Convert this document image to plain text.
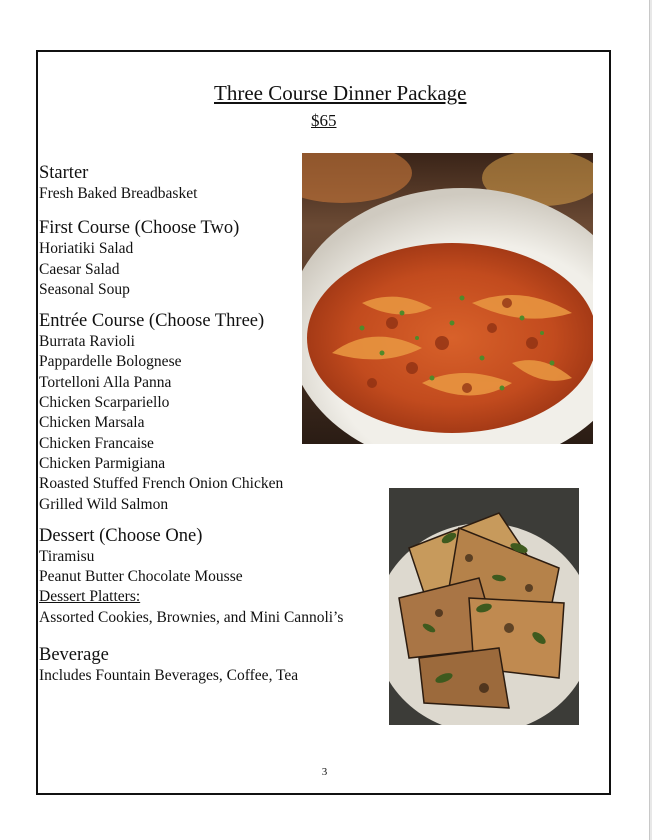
Three Course Dinner Package
$65
Starter
Fresh Baked Breadbasket
First Course (Choose Two)
Horiatiki Salad
Caesar Salad
Seasonal Soup
Entrée Course (Choose Three)
Burrata Ravioli
Pappardelle Bolognese
Tortelloni Alla Panna
Chicken Scarpariello
Chicken Marsala
Chicken Francaise
Chicken Parmigiana
Roasted Stuffed French Onion Chicken
Grilled Wild Salmon
Dessert (Choose One)
Tiramisu
Peanut Butter Chocolate Mousse
Dessert Platters:
Assorted Cookies, Brownies, and Mini Cannoli’s
Beverage
Includes Fountain Beverages, Coffee, Tea
3
